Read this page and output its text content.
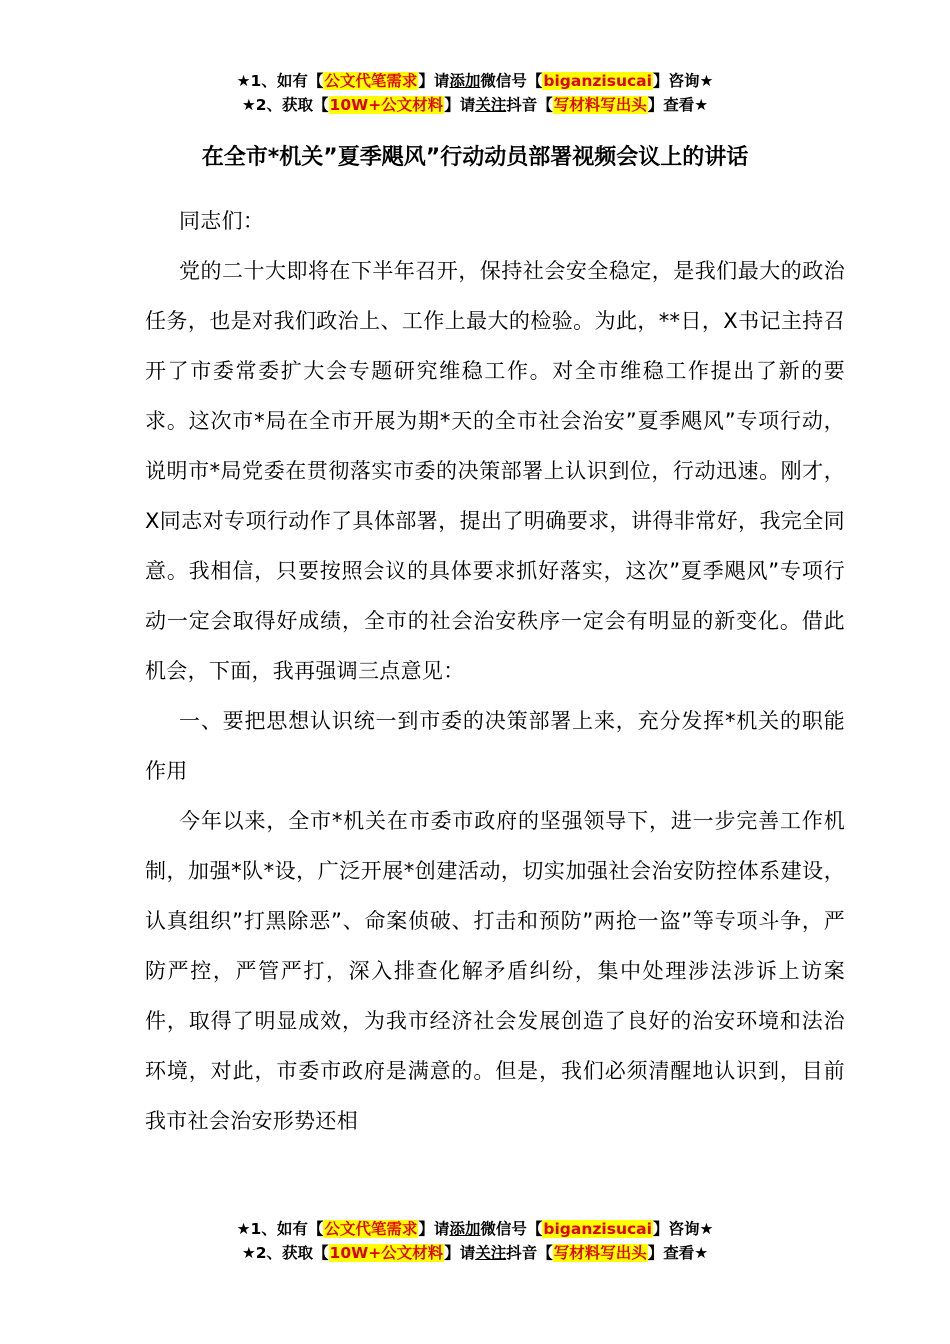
★1、如有【公文代笔需求】请添加微信号【biganzisucai】咨询★
★2、获取【10W+公文材料】请关注抖音【写材料写出头】查看★
在全市*机关”夏季飓风”行动动员部署视频会议上的讲话

同志们：

党的二十大即将在下半年召开，保持社会安全稳定，是我们最大的政治任务，也是对我们政治上、工作上最大的检验。为此，**日，X书记主持召开了市委常委扩大会专题研究维稳工作。对全市维稳工作提出了新的要求。这次市*局在全市开展为期*天的全市社会治安”夏季飓风”专项行动，说明市*局党委在贯彻落实市委的决策部署上认识到位，行动迅速。刚才，X同志对专项行动作了具体部署，提出了明确要求，讲得非常好，我完全同意。我相信，只要按照会议的具体要求抓好落实，这次”夏季飓风”专项行动一定会取得好成绩，全市的社会治安秩序一定会有明显的新变化。借此机会，下面，我再强调三点意见：

一、要把思想认识统一到市委的决策部署上来，充分发挥*机关的职能作用

今年以来，全市*机关在市委市政府的坚强领导下，进一步完善工作机制，加强*队*设，广泛开展*创建活动，切实加强社会治安防控体系建设，认真组织”打黑除恶”、命案侦破、打击和预防”两抢一盗”等专项斗争，严防严控，严管严打，深入排查化解矛盾纠纷，集中处理涉法涉诉上访案件，取得了明显成效，为我市经济社会发展创造了良好的治安环境和法治环境，对此，市委市政府是满意的。但是，我们必须清醒地认识到，目前我市社会治安形势还相

★1、如有【公文代笔需求】请添加微信号【biganzisucai】咨询★
★2、获取【10W+公文材料】请关注抖音【写材料写出头】查看★
